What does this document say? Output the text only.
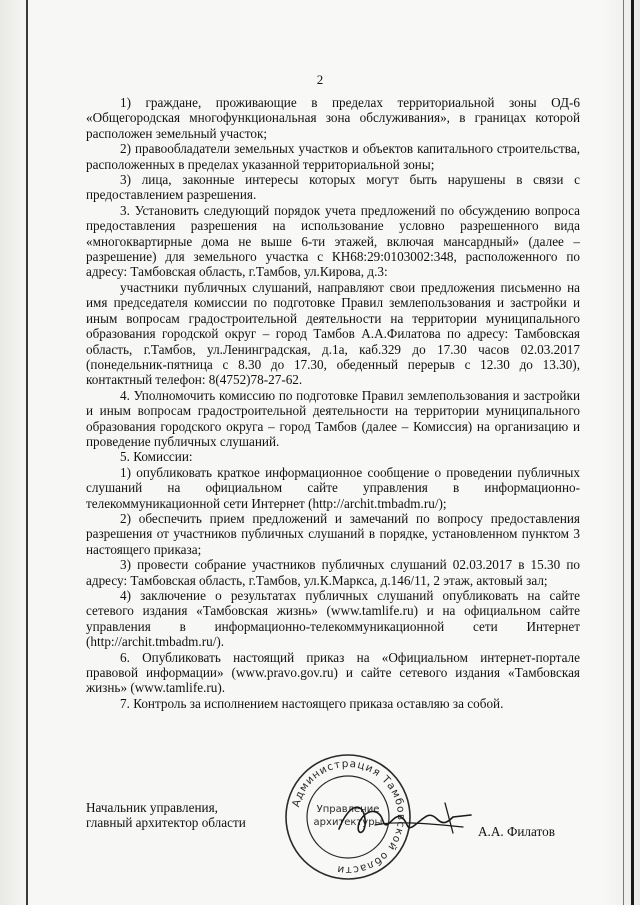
2

1) граждане, проживающие в пределах территориальной зоны ОД-6 «Общегородская многофункциональная зона обслуживания», в границах которой расположен земельный участок;

2) правообладатели земельных участков и объектов капитального строительства, расположенных в пределах указанной территориальной зоны;

3) лица, законные интересы которых могут быть нарушены в связи с предоставлением разрешения.

3. Установить следующий порядок учета предложений по обсуждению вопроса предоставления разрешения на использование условно разрешенного вида «многоквартирные дома не выше 6-ти этажей, включая мансардный» (далее – разрешение) для земельного участка с КН68:29:0103002:348, расположенного по адресу: Тамбовская область, г.Тамбов, ул.Кирова, д.3:

участники публичных слушаний, направляют свои предложения письменно на имя председателя комиссии по подготовке Правил землепользования и застройки и иным вопросам градостроительной деятельности на территории муниципального образования городской округ – город Тамбов А.А.Филатова по адресу: Тамбовская область, г.Тамбов, ул.Ленинградская, д.1а, каб.329 до 17.30 часов 02.03.2017 (понедельник-пятница с 8.30 до 17.30, обеденный перерыв с 12.30 до 13.30), контактный телефон: 8(4752)78-27-62.

4. Уполномочить комиссию по подготовке Правил землепользования и застройки и иным вопросам градостроительной деятельности на территории муниципального образования городского округа – город Тамбов (далее – Комиссия) на организацию и проведение публичных слушаний.

5. Комиссии:

1) опубликовать краткое информационное сообщение о проведении публичных слушаний на официальном сайте управления в информационно-телекоммуникационной сети Интернет (http://archit.tmbadm.ru/);

2) обеспечить прием предложений и замечаний по вопросу предоставления разрешения от участников публичных слушаний в порядке, установленном пунктом 3 настоящего приказа;

3) провести собрание участников публичных слушаний 02.03.2017 в 15.30 по адресу: Тамбовская область, г.Тамбов, ул.К.Маркса, д.146/11, 2 этаж, актовый зал;

4) заключение о результатах публичных слушаний опубликовать на сайте сетевого издания «Тамбовская жизнь» (www.tamlife.ru) и на официальном сайте управления в информационно-телекоммуникационной сети Интернет (http://archit.tmbadm.ru/).

6. Опубликовать настоящий приказ на «Официальном интернет-портале правовой информации» (www.pravo.gov.ru) и сайте сетевого издания «Тамбовская жизнь» (www.tamlife.ru).

7. Контроль за исполнением настоящего приказа оставляю за собой.

Начальник управления,
главный архитектор области
А.А. Филатов
Администрация Тамбовской области
Управление
архитектуры
